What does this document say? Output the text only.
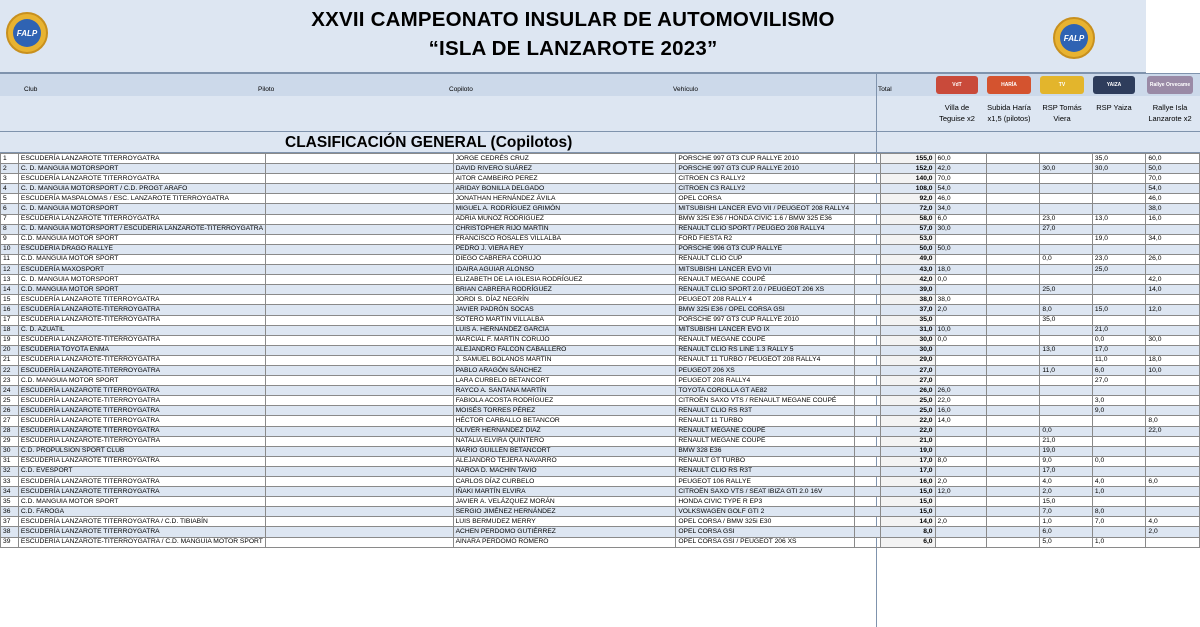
FALP
XXVII CAMPEONATO INSULAR DE AUTOMOVILISMO
“ISLA DE LANZAROTE 2023”	FALP
Club	Piloto	Copiloto	Vehículo	Total
VdT	HARÍA	TV	YAIZA	Rallye Orvecame
Villa de Teguise x2
Subida Haría x1,5 (pilotos)
RSP Tomás Viera
RSP Yaiza	Rallye Isla Lanzarote x2
CLASIFICACIÓN GENERAL (Copilotos)
1	ESCUDERÍA LANZAROTE TITERROYGATRA		JORGE CEDRÉS CRUZ	PORSCHE 997 GT3 CUP RALLYE 2010		155,0	60,0			35,0	60,0
2	C. D. MANGUIA MOTORSPORT		DAVID RIVERO SUÁREZ	PORSCHE 997 GT3 CUP RALLYE 2010		152,0	42,0		30,0	30,0	50,0
3	ESCUDERÍA LANZAROTE TITERROYGATRA		AITOR CAMBEIRO PEREZ	CITROEN C3 RALLY2		140,0	70,0				70,0
4	C. D. MANGUIA MOTORSPORT / C.D. PROGT ARAFO		ARIDAY BONILLA DELGADO	CITROEN C3 RALLY2		108,0	54,0				54,0
5	ESCUDERÍA MASPALOMAS / ESC. LANZAROTE TITERROYGATRA		JONATHAN HERNÁNDEZ ÁVILA	OPEL CORSA		92,0	46,0				46,0
6	C. D. MANGUIA MOTORSPORT		MIGUEL A. RODRÍGUEZ GRIMÓN	MITSUBISHI LANCER EVO VII / PEUGEOT 208 RALLY4		72,0	34,0				38,0
7	ESCUDERÍA LANZAROTE TITERROYGATRA		ADRIA MUÑOZ RODRÍGUEZ	BMW 325i E36 / HONDA CIVIC 1.6 / BMW 325 E36		58,0	6,0		23,0	13,0	16,0
8	C. D. MANGUIA MOTORSPORT / ESCUDERÍA LANZAROTE-TITERROYGATRA		CHRISTOPHER RIJO MARTÍN	RENAULT CLIO SPORT / PEUGEO 208 RALLY4		57,0	30,0		27,0		
9	C.D. MANGUIA MOTOR SPORT		FRANCISCO ROSALES VILLALBA	FORD FIESTA R2		53,0				19,0	34,0
10	ESCUDERÍA DRAGO RALLYE		PEDRO J. VIERA REY	PORSCHE 996 GT3 CUP RALLYE		50,0	50,0				
11	C.D. MANGUIA MOTOR SPORT		DIEGO CABRERA CORUJO	RENAULT CLIO CUP		49,0			0,0	23,0	26,0
12	ESCUDERÍA MAXOSPORT		IDAIRA AGUIAR ALONSO	MITSUBISHI LANCER EVO VII		43,0	18,0			25,0	
13	C. D. MANGUIA MOTORSPORT		ELIZABETH DE LA IGLESIA RODRÍGUEZ	RENAULT MEGANE COUPÉ		42,0	0,0				42,0
14	C.D. MANGUIA MOTOR SPORT		BRIAN CABRERA RODRÍGUEZ	RENAULT CLIO SPORT 2.0 / PEUGEOT 206 XS		39,0			25,0		14,0
15	ESCUDERÍA LANZAROTE TITERROYGATRA		JORDI S. DÍAZ NEGRÍN	PEUGEOT 208 RALLY 4		38,0	38,0				
16	ESCUDERÍA LANZAROTE-TITERROYGATRA		JAVIER PADRÓN SOCAS	BMW 325i E36 / OPEL CORSA GSI		37,0	2,0		8,0	15,0	12,0
17	ESCUDERÍA LANZAROTE-TITERROYGATRA		SOTERO MARTÍN VILLALBA	PORSCHE 997 GT3 CUP RALLYE 2010		35,0			35,0		
18	C. D. AZUATIL		LUIS A. HERNÁNDEZ GARCÍA	MITSUBISHI LANCER EVO IX		31,0	10,0			21,0	
19	ESCUDERÍA LANZAROTE-TITERROYGATRA		MARCIAL F. MARTÍN CORUJO	RENAULT MEGANE COUPÉ		30,0	0,0			0,0	30,0
20	ESCUDERÍA TOYOTA ENMA		ALEJANDRO FALCÓN CABALLERO	RENAULT CLIO RS LINE 1.3 RALLY 5		30,0			13,0	17,0	
21	ESCUDERÍA LANZAROTE-TITERROYGATRA		J. SAMUEL BOLAÑOS MARTÍN	RENAULT 11 TURBO / PEUGEOT 208 RALLY4		29,0				11,0	18,0
22	ESCUDERÍA LANZAROTE-TITERROYGATRA		PABLO ARAGÓN SÁNCHEZ	PEUGEOT 206 XS		27,0			11,0	6,0	10,0
23	C.D. MANGUIA MOTOR SPORT		LARA CURBELO BETANCORT	PEUGEOT 208 RALLY4		27,0				27,0	
24	ESCUDERÍA LANZAROTE TITERROYGATRA		RAYCO A. SANTANA MARTÍN	TOYOTA COROLLA GT AE82		26,0	26,0				
25	ESCUDERÍA LANZAROTE-TITERROYGATRA		FABIOLA ACOSTA RODRÍGUEZ	CITROËN SAXO VTS / RENAULT MEGANE COUPÉ		25,0	22,0			3,0	
26	ESCUDERÍA LANZAROTE TITERROYGATRA		MOISÉS TORRES PÉREZ	RENAULT CLIO RS R3T		25,0	16,0			9,0	
27	ESCUDERÍA LANZAROTE TITERROYGATRA		HÉCTOR CARBALLO BETANCOR	RENAULT 11 TURBO		22,0	14,0				8,0
28	ESCUDERÍA LANZAROTE TITERROYGATRA		OLIVER HERNÁNDEZ DÍAZ	RENAULT MEGANE COUPÉ		22,0			0,0		22,0
29	ESCUDERÍA LANZAROTE-TITERROYGATRA		NATALIA ELVIRA QUINTERO	RENAULT MEGANE COUPÉ		21,0			21,0		
30	C.D. PROPULSIÓN SPORT CLUB		MARIO GUILLÉN BETANCORT	BMW 328 E36		19,0			19,0		
31	ESCUDERÍA LANZAROTE TITERROYGATRA		ALEJANDRO TEJERA NAVARRO	RENAULT GT TURBO		17,0	8,0		9,0	0,0	
32	C.D. EVESPORT		NAROA D. MACHÍN TAVIO	RENAULT CLIO RS R3T		17,0			17,0		
33	ESCUDERÍA LANZAROTE TITERROYGATRA		CARLOS DÍAZ CURBELO	PEUGEOT 106 RALLYE		16,0	2,0		4,0	4,0	6,0
34	ESCUDERÍA LANZAROTE TITERROYGATRA		IÑAKI MARTÍN ELVIRA	CITROËN SAXO VTS / SEAT IBIZA GTI 2.0 16V		15,0	12,0		2,0	1,0	
35	C.D. MANGUIA MOTOR SPORT		JAVIER A. VELÁZQUEZ MORÁN	HONDA CIVIC TYPE R EP3		15,0			15,0		
36	C.D. FAROGA		SERGIO JIMÉNEZ HERNÁNDEZ	VOLKSWAGEN GOLF GTI 2		15,0			7,0	8,0	
37	ESCUDERÍA LANZAROTE TITERROYGATRA / C.D. TIBIABÍN		LUIS BERMUDEZ MERRY	OPEL CORSA / BMW 325i E30		14,0	2,0		1,0	7,0	4,0
38	ESCUDERÍA LANZAROTE TITERROYGATRA		ACHEN PERDOMO GUTIÉRREZ	OPEL CORSA GSI		8,0			6,0		2,0
39	ESCUDERÍA LANZAROTE-TITERROYGATRA / C.D. MANGUIA MOTOR SPORT		AINARA PERDOMO ROMERO	OPEL CORSA GSI / PEUGEOT 206 XS		6,0			5,0	1,0	
